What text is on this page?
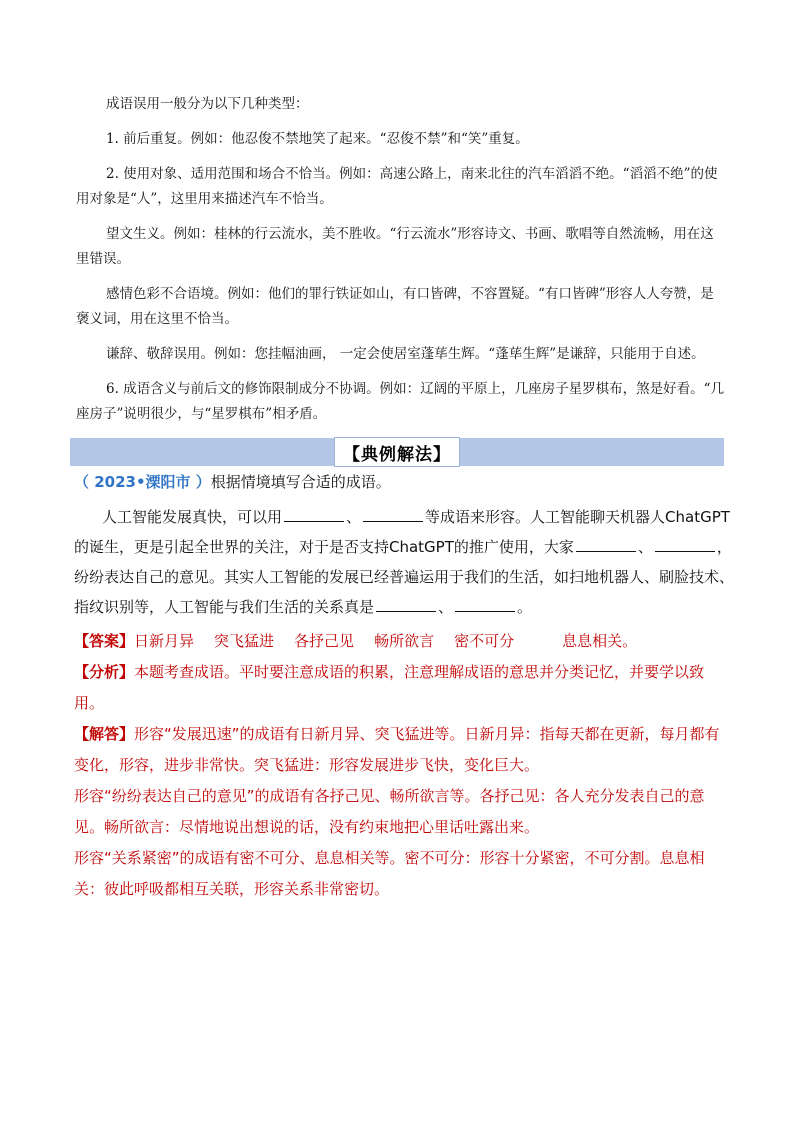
成语误用一般分为以下几种类型：

1. 前后重复。例如：他忍俊不禁地笑了起来。“忍俊不禁”和“笑”重复。

2. 使用对象、适用范围和场合不恰当。例如：高速公路上，南来北往的汽车滔滔不绝。“滔滔不绝”的使用对象是“人”，这里用来描述汽车不恰当。

望文生义。例如：桂林的行云流水，美不胜收。“行云流水”形容诗文、书画、歌唱等自然流畅，用在这里错误。

感情色彩不合语境。例如：他们的罪行铁证如山，有口皆碑，不容置疑。“有口皆碑”形容人人夸赞，是褒义词，用在这里不恰当。

谦辞、敬辞误用。例如：您挂幅油画， 一定会使居室蓬荜生辉。“蓬荜生辉”是谦辞，只能用于自述。

6. 成语含义与前后文的修饰限制成分不协调。例如：辽阔的平原上，几座房子星罗棋布，煞是好看。“几座房子”说明很少，与“星罗棋布”相矛盾。

【典例解法】

（ 2023•溧阳市 ）根据情境填写合适的成语。

人工智能发展真快，可以用	、	等成语来形容。人工智能聊天机器人ChatGPT的诞生，更是引起全世界的关注，对于是否支持ChatGPT的推广使用，大家	、	，纷纷表达自己的意见。其实人工智能的发展已经普遍运用于我们的生活，如扫地机器人、刷脸技术、指纹识别等，人工智能与我们生活的关系真是	、	。

【答案】日新月异 突飞猛进 各抒己见 畅所欲言 密不可分	息息相关。

【分析】本题考查成语。平时要注意成语的积累，注意理解成语的意思并分类记忆，并要学以致用。

【解答】形容“发展迅速”的成语有日新月异、突飞猛进等。日新月异：指每天都在更新，每月都有变化，形容，进步非常快。突飞猛进：形容发展进步飞快，变化巨大。

形容“纷纷表达自己的意见”的成语有各抒己见、畅所欲言等。各抒己见：各人充分发表自己的意见。畅所欲言：尽情地说出想说的话，没有约束地把心里话吐露出来。

形容“关系紧密”的成语有密不可分、息息相关等。密不可分：形容十分紧密，不可分割。息息相关：彼此呼吸都相互关联，形容关系非常密切。
